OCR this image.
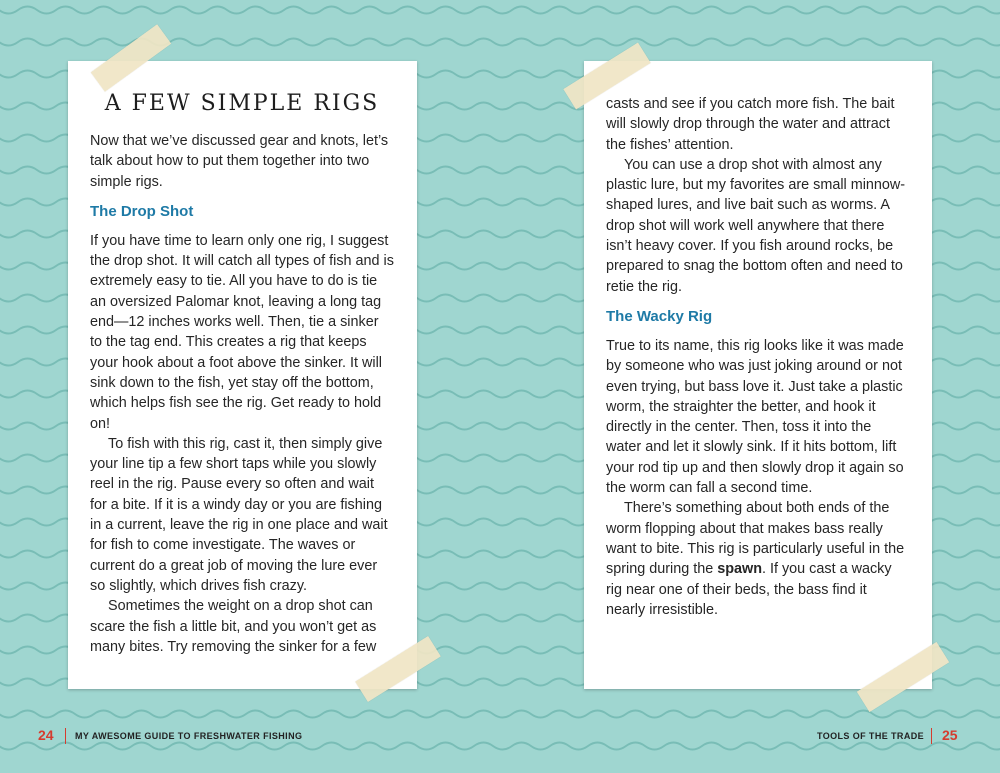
A FEW SIMPLE RIGS

Now that we’ve discussed gear and knots, let’s talk about how to put them together into two simple rigs.

The Drop Shot

If you have time to learn only one rig, I suggest the drop shot. It will catch all types of fish and is extremely easy to tie. All you have to do is tie an oversized Palomar knot, leaving a long tag end—12 inches works well. Then, tie a sinker to the tag end. This creates a rig that keeps your hook about a foot above the sinker. It will sink down to the fish, yet stay off the bottom, which helps fish see the rig. Get ready to hold on!

To fish with this rig, cast it, then simply give your line tip a few short taps while you slowly reel in the rig. Pause every so often and wait for a bite. If it is a windy day or you are fishing in a current, leave the rig in one place and wait for fish to come investigate. The waves or current do a great job of moving the lure ever so slightly, which drives fish crazy.

Sometimes the weight on a drop shot can scare the fish a little bit, and you won’t get as many bites. Try removing the sinker for a few

casts and see if you catch more fish. The bait will slowly drop through the water and attract the fishes’ attention.

You can use a drop shot with almost any plastic lure, but my favorites are small minnow-shaped lures, and live bait such as worms. A drop shot will work well anywhere that there isn’t heavy cover. If you fish around rocks, be prepared to snag the bottom often and need to retie the rig.

The Wacky Rig

True to its name, this rig looks like it was made by someone who was just joking around or not even trying, but bass love it. Just take a plastic worm, the straighter the better, and hook it directly in the center. Then, toss it into the water and let it slowly sink. If it hits bottom, lift your rod tip up and then slowly drop it again so the worm can fall a second time.

There’s something about both ends of the worm flopping about that makes bass really want to bite. This rig is particularly useful in the spring during the spawn. If you cast a wacky rig near one of their beds, the bass find it nearly irresistible.

24 MY AWESOME GUIDE TO FRESHWATER FISHING	TOOLS OF THE TRADE 25
